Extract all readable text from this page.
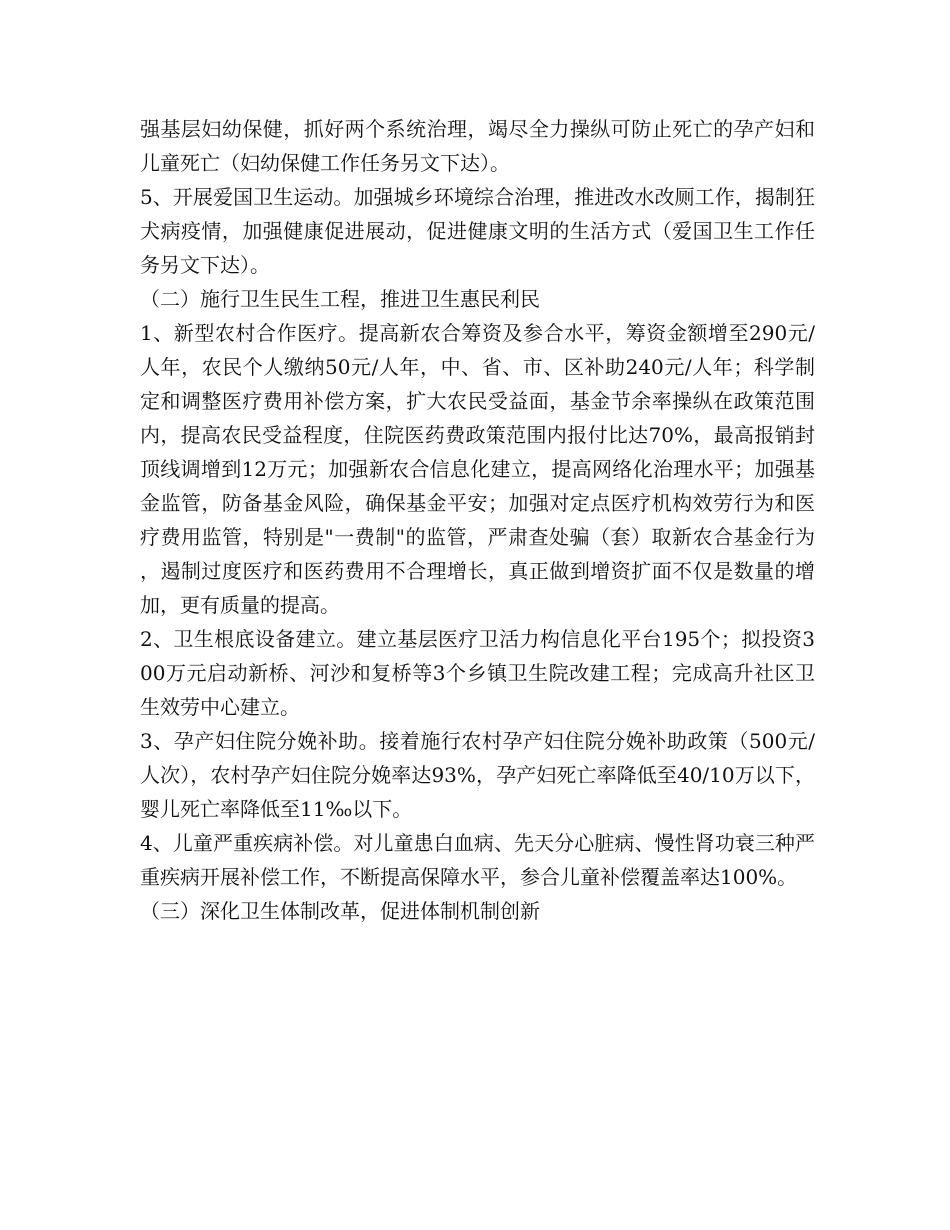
强基层妇幼保健，抓好两个系统治理，竭尽全力操纵可防止死亡的孕产妇和儿童死亡（妇幼保健工作任务另文下达）。

5、开展爱国卫生运动。加强城乡环境综合治理，推进改水改厕工作，揭制狂犬病疫情，加强健康促进展动，促进健康文明的生活方式（爱国卫生工作任务另文下达）。

（二）施行卫生民生工程，推进卫生惠民利民

1、新型农村合作医疗。提高新农合筹资及参合水平，筹资金额增至290元/人年，农民个人缴纳50元/人年，中、省、市、区补助240元/人年；科学制定和调整医疗费用补偿方案，扩大农民受益面，基金节余率操纵在政策范围内，提高农民受益程度，住院医药费政策范围内报付比达70%，最高报销封顶线调增到12万元；加强新农合信息化建立，提高网络化治理水平；加强基金监管，防备基金风险，确保基金平安；加强对定点医疗机构效劳行为和医疗费用监管，特别是"一费制"的监管，严肃查处骗（套）取新农合基金行为，遏制过度医疗和医药费用不合理增长，真正做到增资扩面不仅是数量的增加，更有质量的提高。

2、卫生根底设备建立。建立基层医疗卫活力构信息化平台195个；拟投资300万元启动新桥、河沙和复桥等3个乡镇卫生院改建工程；完成高升社区卫生效劳中心建立。

3、孕产妇住院分娩补助。接着施行农村孕产妇住院分娩补助政策（500元/人次），农村孕产妇住院分娩率达93%，孕产妇死亡率降低至40/10万以下，婴儿死亡率降低至11‰以下。

4、儿童严重疾病补偿。对儿童患白血病、先天分心脏病、慢性肾功衰三种严重疾病开展补偿工作，不断提高保障水平，参合儿童补偿覆盖率达100%。

（三）深化卫生体制改革，促进体制机制创新
